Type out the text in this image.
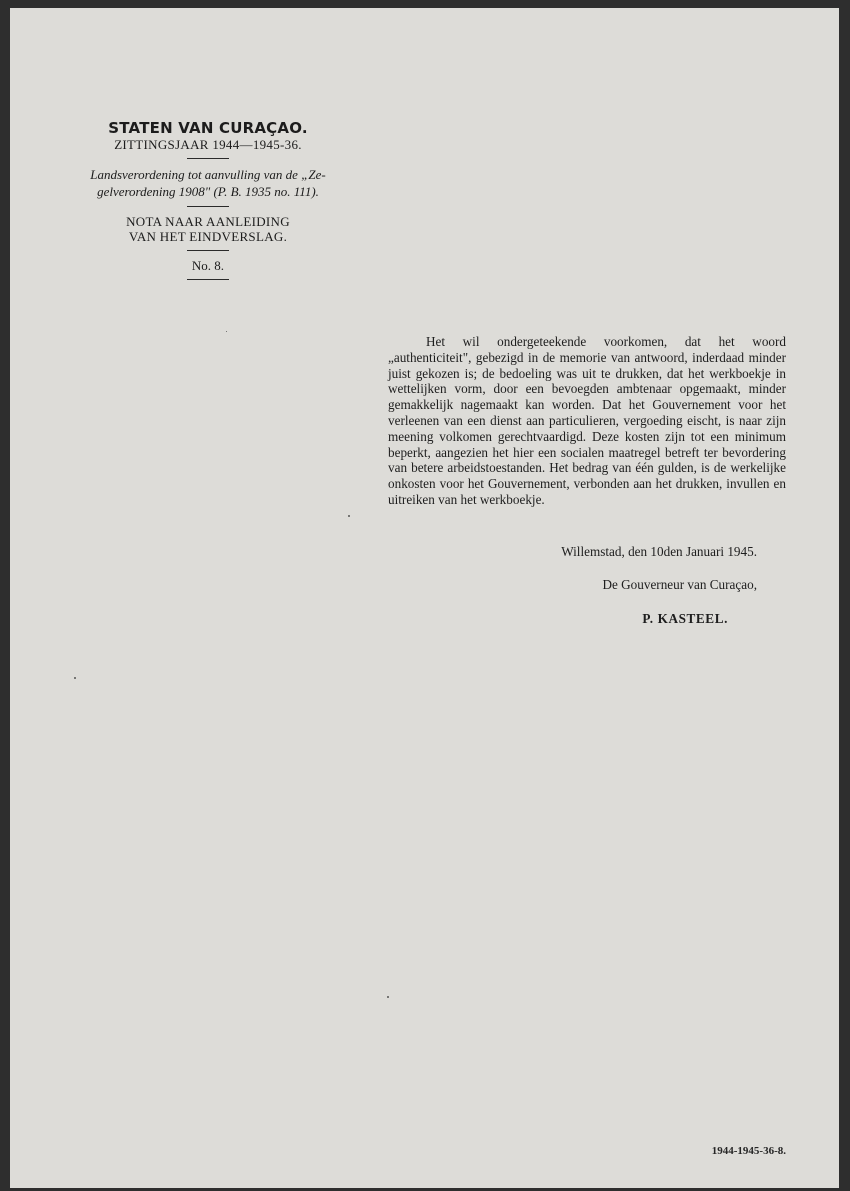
STATEN VAN CURAÇAO.
ZITTINGSJAAR 1944—1945-36.
Landsverordening tot aanvulling van de „Ze-
gelverordening 1908" (P. B. 1935 no. 111).
NOTA NAAR AANLEIDING
VAN HET EINDVERSLAG.
No. 8.

Het wil ondergeteekende voorkomen, dat het woord „authenticiteit", gebezigd in de memorie van antwoord, inderdaad minder juist gekozen is; de bedoeling was uit te drukken, dat het werkboekje in wettelijken vorm, door een bevoegden ambtenaar opgemaakt, minder gemakkelijk nagemaakt kan worden. Dat het Gouvernement voor het verleenen van een dienst aan particulieren, vergoeding eischt, is naar zijn meening volkomen gerechtvaardigd. Deze kosten zijn tot een minimum beperkt, aangezien het hier een socialen maatregel betreft ter bevordering van betere arbeidstoestanden. Het bedrag van één gulden, is de werkelijke onkosten voor het Gouvernement, verbonden aan het drukken, invullen en uitreiken van het werkboekje.

Willemstad, den 10den Januari 1945.
De Gouverneur van Curaçao,
P. KASTEEL.
1944-1945-36-8.
